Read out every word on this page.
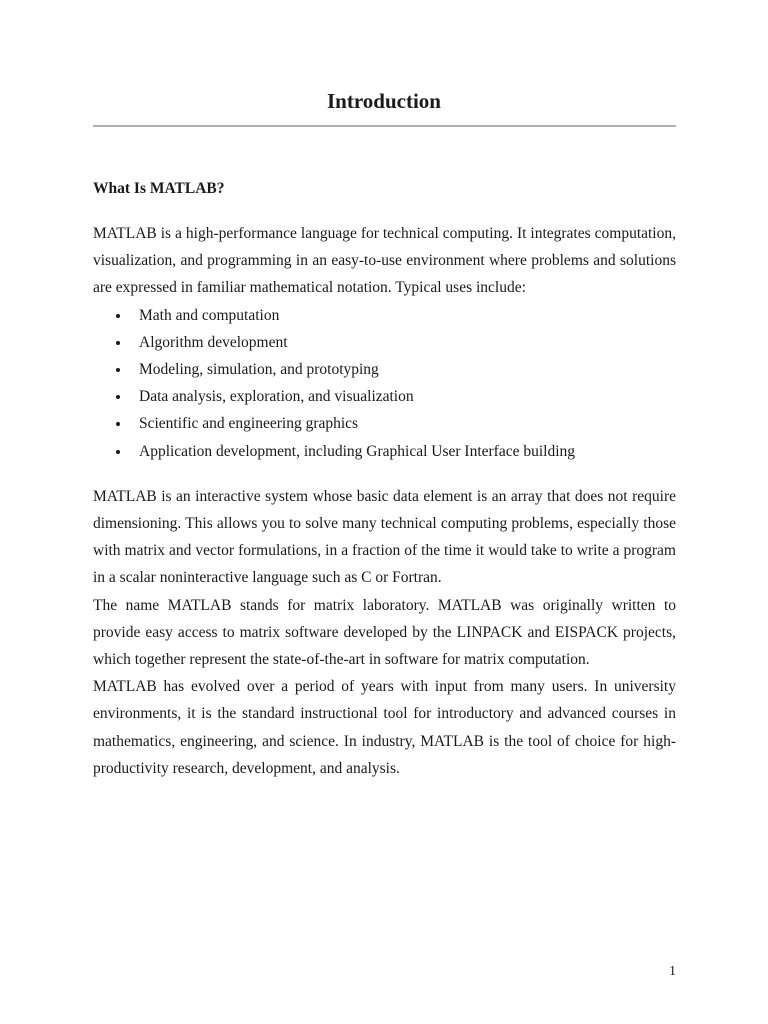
Introduction
What Is MATLAB?

MATLAB is a high-performance language for technical computing. It integrates computation, visualization, and programming in an easy-to-use environment where problems and solutions are expressed in familiar mathematical notation. Typical uses include:

Math and computation
Algorithm development
Modeling, simulation, and prototyping
Data analysis, exploration, and visualization
Scientific and engineering graphics
Application development, including Graphical User Interface building

MATLAB is an interactive system whose basic data element is an array that does not require dimensioning. This allows you to solve many technical computing problems, especially those with matrix and vector formulations, in a fraction of the time it would take to write a program in a scalar noninteractive language such as C or Fortran.

The name MATLAB stands for matrix laboratory. MATLAB was originally written to provide easy access to matrix software developed by the LINPACK and EISPACK projects, which together represent the state-of-the-art in software for matrix computation.

MATLAB has evolved over a period of years with input from many users. In university environments, it is the standard instructional tool for introductory and advanced courses in mathematics, engineering, and science. In industry, MATLAB is the tool of choice for high-productivity research, development, and analysis.

1
